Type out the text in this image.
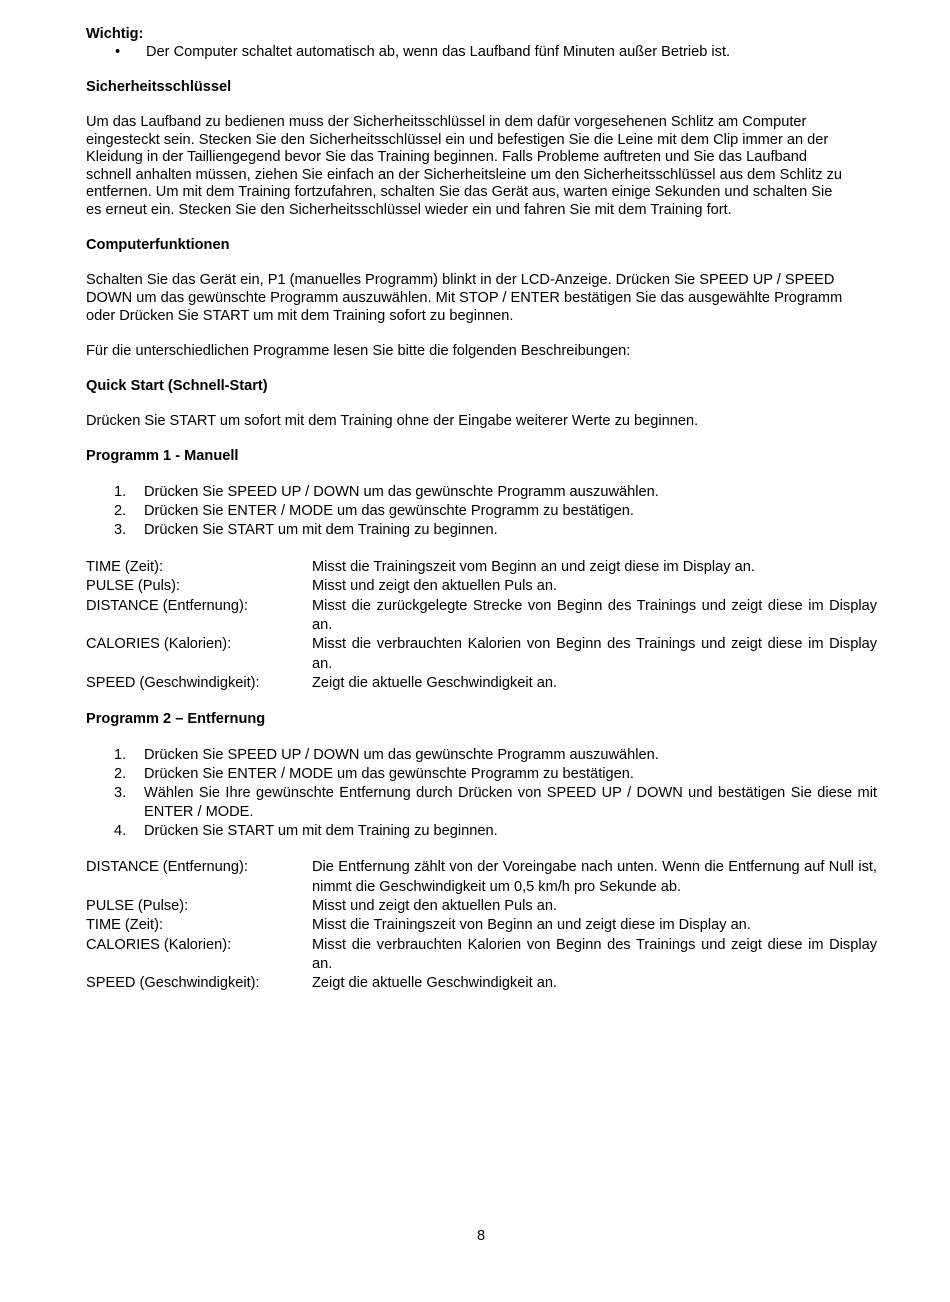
Wichtig:

•	Der Computer schaltet automatisch ab, wenn das Laufband fünf Minuten außer Betrieb ist.

Sicherheitsschlüssel

Um das Laufband zu bedienen muss der Sicherheitsschlüssel in dem dafür vorgesehenen Schlitz am Computer

eingesteckt sein. Stecken Sie den Sicherheitsschlüssel ein und befestigen Sie die Leine mit dem Clip immer an der

Kleidung in der Tailliengegend bevor Sie das Training beginnen. Falls Probleme auftreten und Sie das Laufband

schnell anhalten müssen, ziehen Sie einfach an der Sicherheitsleine um den Sicherheitsschlüssel aus dem Schlitz zu

entfernen. Um mit dem Training fortzufahren, schalten Sie das Gerät aus, warten einige Sekunden und schalten Sie

es erneut ein. Stecken Sie den Sicherheitsschlüssel wieder ein und fahren Sie mit dem Training fort.

Computerfunktionen

Schalten Sie das Gerät ein, P1 (manuelles Programm) blinkt in der LCD-Anzeige. Drücken Sie SPEED UP / SPEED

DOWN um das gewünschte Programm auszuwählen. Mit STOP / ENTER bestätigen Sie das ausgewählte Programm

oder Drücken Sie START um mit dem Training sofort zu beginnen.

Für die unterschiedlichen Programme lesen Sie bitte die folgenden Beschreibungen:

Quick Start (Schnell-Start)

Drücken Sie START um sofort mit dem Training ohne der Eingabe weiterer Werte zu beginnen.

Programm 1 - Manuell

1.	Drücken Sie SPEED UP / DOWN um das gewünschte Programm auszuwählen.
2.	Drücken Sie ENTER / MODE um das gewünschte Programm zu bestätigen.
3.	Drücken Sie START um mit dem Training zu beginnen.
TIME (Zeit):	Misst die Trainingszeit vom Beginn an und zeigt diese im Display an.
PULSE (Puls):	Misst und zeigt den aktuellen Puls an.
DISTANCE (Entfernung):	Misst die zurückgelegte Strecke von Beginn des Trainings und zeigt diese im Display an.
CALORIES (Kalorien):	Misst die verbrauchten Kalorien von Beginn des Trainings und zeigt diese im Display an.
SPEED (Geschwindigkeit):	Zeigt die aktuelle Geschwindigkeit an.

Programm 2 – Entfernung

1.	Drücken Sie SPEED UP / DOWN um das gewünschte Programm auszuwählen.
2.	Drücken Sie ENTER / MODE um das gewünschte Programm zu bestätigen.
3.	Wählen Sie Ihre gewünschte Entfernung durch Drücken von SPEED UP / DOWN und bestätigen Sie diese mit ENTER / MODE.
4.	Drücken Sie START um mit dem Training zu beginnen.
DISTANCE (Entfernung):	Die Entfernung zählt von der Voreingabe nach unten. Wenn die Entfernung auf Null ist, nimmt die Geschwindigkeit um 0,5 km/h pro Sekunde ab.
PULSE (Pulse):	Misst und zeigt den aktuellen Puls an.
TIME (Zeit):	Misst die Trainingszeit von Beginn an und zeigt diese im Display an.
CALORIES (Kalorien):	Misst die verbrauchten Kalorien von Beginn des Trainings und zeigt diese im Display an.
SPEED (Geschwindigkeit):	Zeigt die aktuelle Geschwindigkeit an.
8
